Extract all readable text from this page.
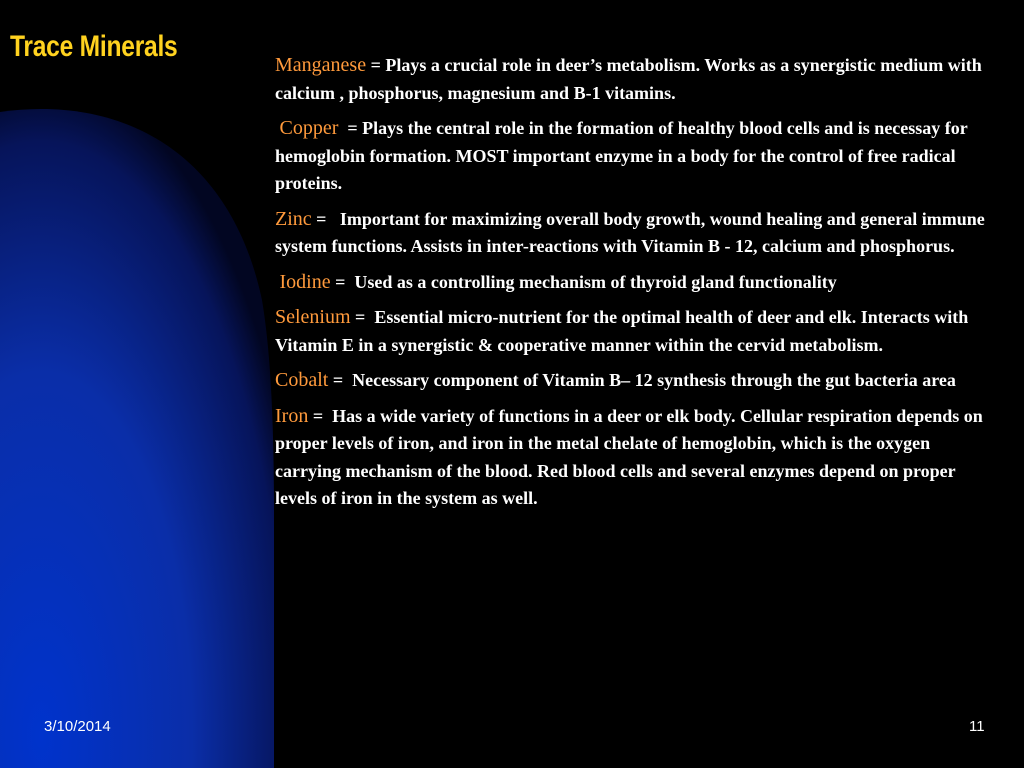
Trace Minerals

Manganese = Plays a crucial role in deer’s metabolism. Works as a synergistic medium with calcium , phosphorus, magnesium and B-1 vitamins.

Copper  = Plays the central role in the formation of healthy blood cells and is necessay for hemoglobin formation. MOST important enzyme in a body for the control of free radical proteins.

Zinc =   Important for maximizing overall body growth, wound healing and general immune system functions. Assists in inter-reactions with Vitamin B - 12, calcium and phosphorus.

Iodine =  Used as a controlling mechanism of thyroid gland functionality

Selenium =  Essential micro-nutrient for the optimal health of deer and elk. Interacts with Vitamin E in a synergistic & cooperative manner within the cervid metabolism.

Cobalt =  Necessary component of Vitamin B– 12 synthesis through the gut bacteria area

Iron =  Has a wide variety of functions in a deer or elk body. Cellular respiration depends on proper levels of iron, and iron in the metal chelate of hemoglobin, which is the oxygen carrying mechanism of the blood. Red blood cells and several enzymes depend on proper levels of iron in the system as well.

3/10/2014	11
